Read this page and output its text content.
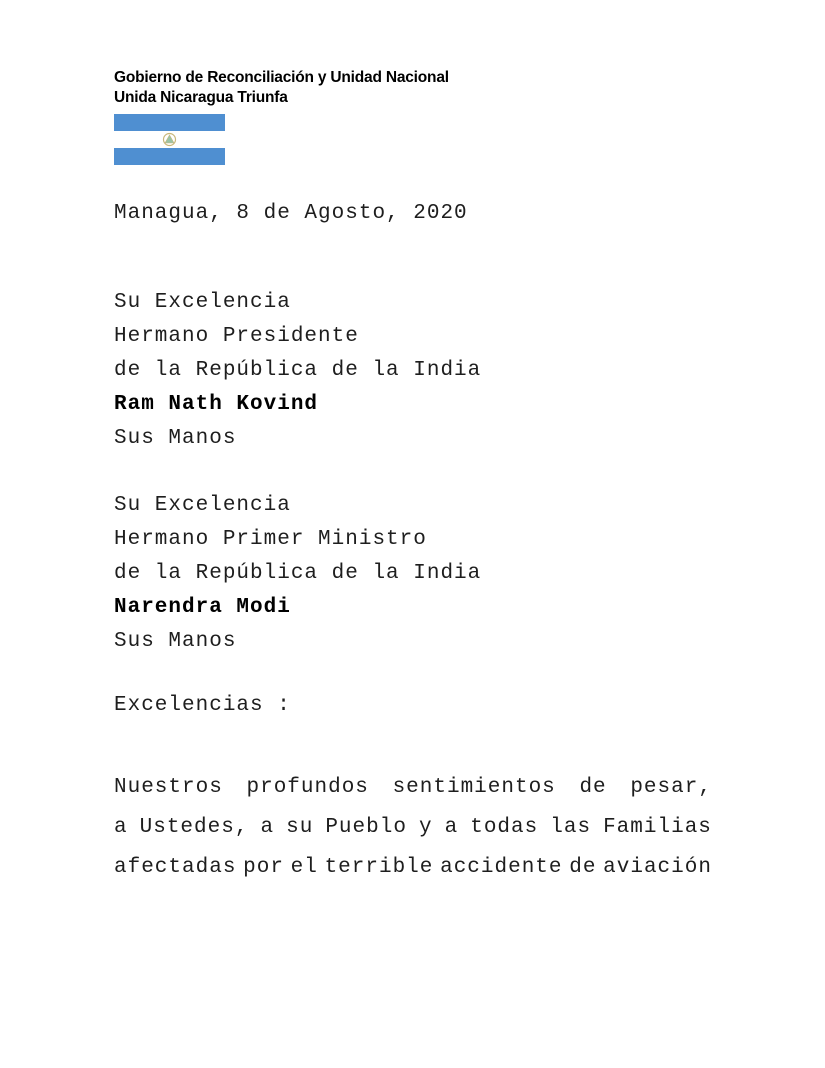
Gobierno de Reconciliación y Unidad Nacional
Unida Nicaragua Triunfa
Managua, 8 de Agosto, 2020
Su Excelencia
Hermano Presidente
de la República de la India
Ram Nath Kovind
Sus Manos
Su Excelencia
Hermano Primer Ministro
de la República de la India
Narendra Modi
Sus Manos
Excelencias :
Nuestros profundos sentimientos de pesar,
a Ustedes, a su Pueblo y a todas las Familias
afectadas por el terrible accidente de aviación
